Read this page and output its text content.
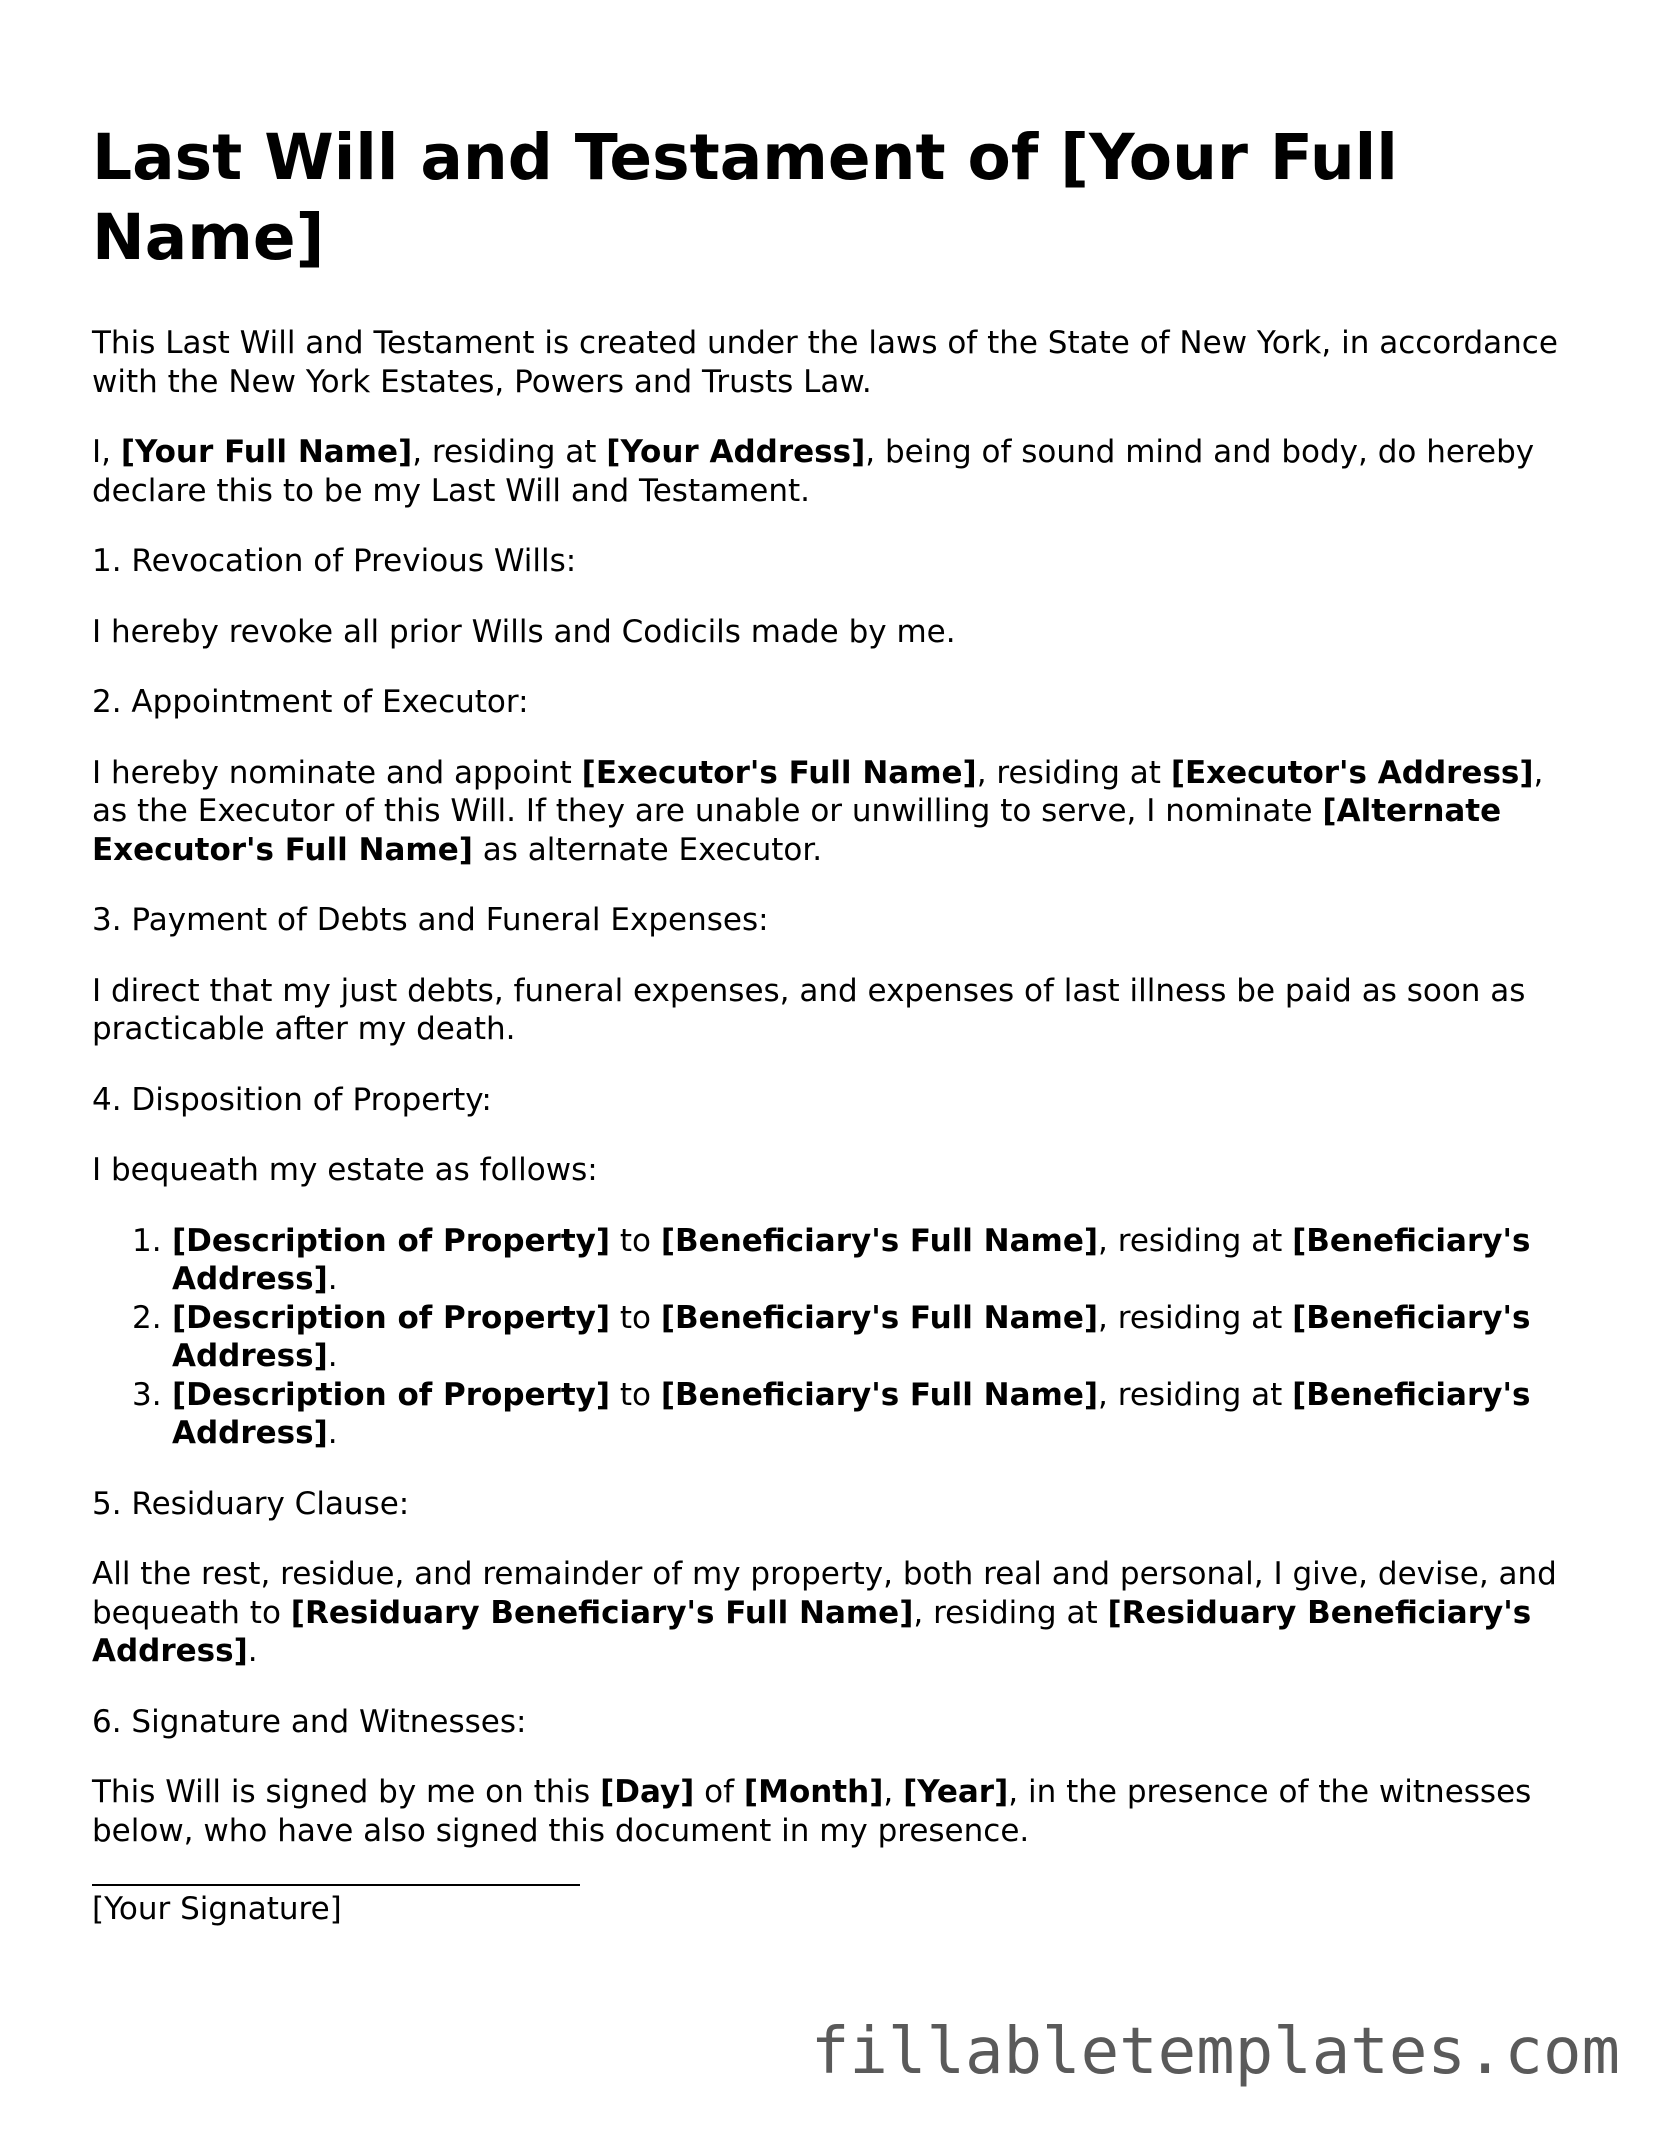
Last Will and Testament of [Your Full Name]

This Last Will and Testament is created under the laws of the State of New York, in accordance with the New York Estates, Powers and Trusts Law.

I, [Your Full Name], residing at [Your Address], being of sound mind and body, do hereby declare this to be my Last Will and Testament.

1. Revocation of Previous Wills:

I hereby revoke all prior Wills and Codicils made by me.

2. Appointment of Executor:

I hereby nominate and appoint [Executor's Full Name], residing at [Executor's Address], as the Executor of this Will. If they are unable or unwilling to serve, I nominate [Alternate Executor's Full Name] as alternate Executor.

3. Payment of Debts and Funeral Expenses:

I direct that my just debts, funeral expenses, and expenses of last illness be paid as soon as practicable after my death.

4. Disposition of Property:

I bequeath my estate as follows:

1. [Description of Property] to [Beneficiary's Full Name], residing at [Beneficiary's Address].
2. [Description of Property] to [Beneficiary's Full Name], residing at [Beneficiary's Address].
3. [Description of Property] to [Beneficiary's Full Name], residing at [Beneficiary's Address].

5. Residuary Clause:

All the rest, residue, and remainder of my property, both real and personal, I give, devise, and bequeath to [Residuary Beneficiary's Full Name], residing at [Residuary Beneficiary's Address].

6. Signature and Witnesses:

This Will is signed by me on this [Day] of [Month], [Year], in the presence of the witnesses below, who have also signed this document in my presence.

[Your Signature]
fillabletemplates.com
